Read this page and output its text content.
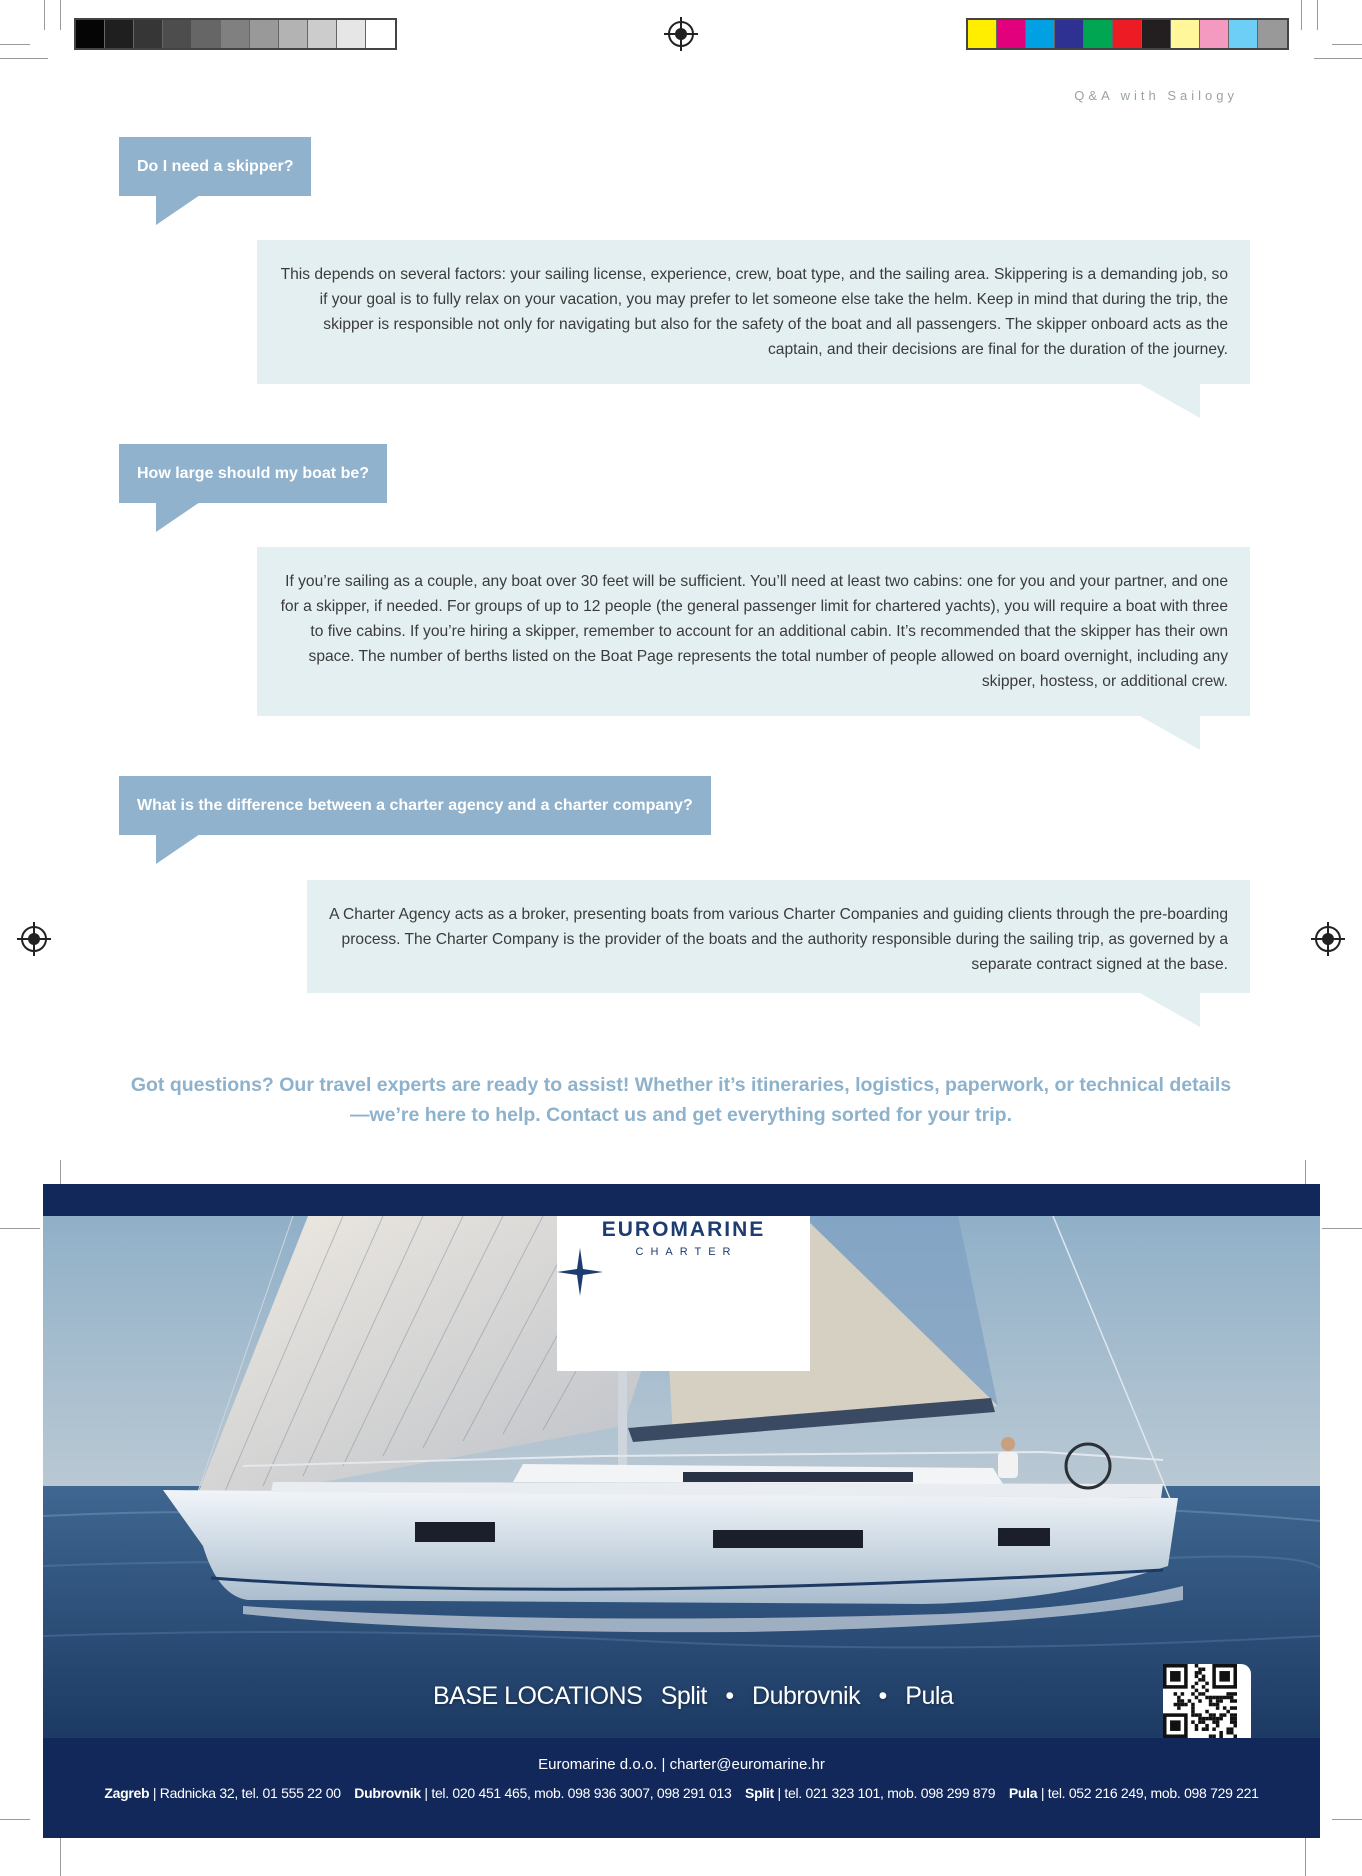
Q&A with Sailogy
Do I need a skipper?

This depends on several factors: your sailing license, experience, crew, boat type, and the sailing area. Skippering is a demanding job, so if your goal is to fully relax on your vacation, you may prefer to let someone else take the helm. Keep in mind that during the trip, the skipper is responsible not only for navigating but also for the safety of the boat and all passengers. The skipper onboard acts as the captain, and their decisions are final for the duration of the journey.

How large should my boat be?

If you’re sailing as a couple, any boat over 30 feet will be sufficient. You’ll need at least two cabins: one for you and your partner, and one for a skipper, if needed. For groups of up to 12 people (the general passenger limit for chartered yachts), you will require a boat with three to five cabins. If you’re hiring a skipper, remember to account for an additional cabin. It’s recommended that the skipper has their own space. The number of berths listed on the Boat Page represents the total number of people allowed on board overnight, including any skipper, hostess, or additional crew.

What is the difference between a charter agency and a charter company?

A Charter Agency acts as a broker, presenting boats from various Charter Companies and guiding clients through the pre-boarding process. The Charter Company is the provider of the boats and the authority responsible during the sailing trip, as governed by a separate contract signed at the base.

Got questions? Our travel experts are ready to assist! Whether it’s itineraries, logistics, paperwork, or technical details—we’re here to help. Contact us and get everything sorted for your trip.

EUROMARINE
CHARTER
BASE LOCATIONS Split • Dubrovnik • Pula
Euromarine d.o.o. | charter@euromarine.hr
Zagreb | Radnicka 32, tel. 01 555 22 00 Dubrovnik | tel. 020 451 465, mob. 098 936 3007, 098 291 013 Split | tel. 021 323 101, mob. 098 299 879 Pula | tel. 052 216 249, mob. 098 729 221
